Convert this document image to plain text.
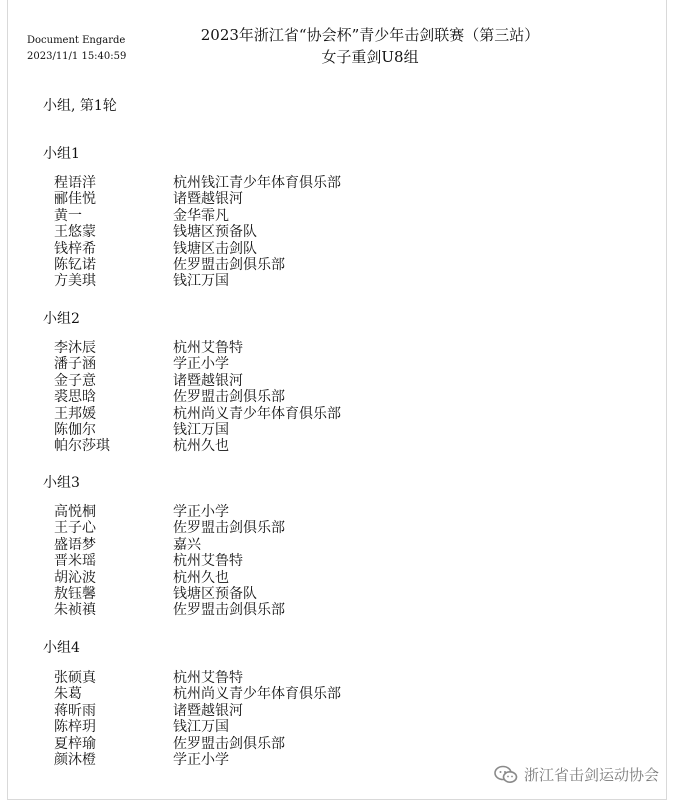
Document Engarde
2023/11/1 15:40:59
2023年浙江省“协会杯”青少年击剑联赛（第三站）
女子重剑U8组
小组, 第1轮
小组1
程语洋	杭州钱江青少年体育俱乐部
郦佳悦	诸暨越银河
黄一	金华霏凡
王悠蒙	钱塘区预备队
钱梓希	钱塘区击剑队
陈钇诺	佐罗盟击剑俱乐部
方美琪	钱江万国
小组2
李沐辰	杭州艾鲁特
潘子涵	学正小学
金子意	诸暨越银河
裘思晗	佐罗盟击剑俱乐部
王邦媛	杭州尚义青少年体育俱乐部
陈伽尔	钱江万国
帕尔莎琪	杭州久也
小组3
高悦桐	学正小学
王子心	佐罗盟击剑俱乐部
盛语梦	嘉兴
晋米瑶	杭州艾鲁特
胡沁波	杭州久也
敖钰馨	钱塘区预备队
朱祯禛	佐罗盟击剑俱乐部
小组4
张硕真	杭州艾鲁特
朱葛	杭州尚义青少年体育俱乐部
蒋昕雨	诸暨越银河
陈梓玥	钱江万国
夏梓瑜	佐罗盟击剑俱乐部
颜沐橙	学正小学
浙江省击剑运动协会
